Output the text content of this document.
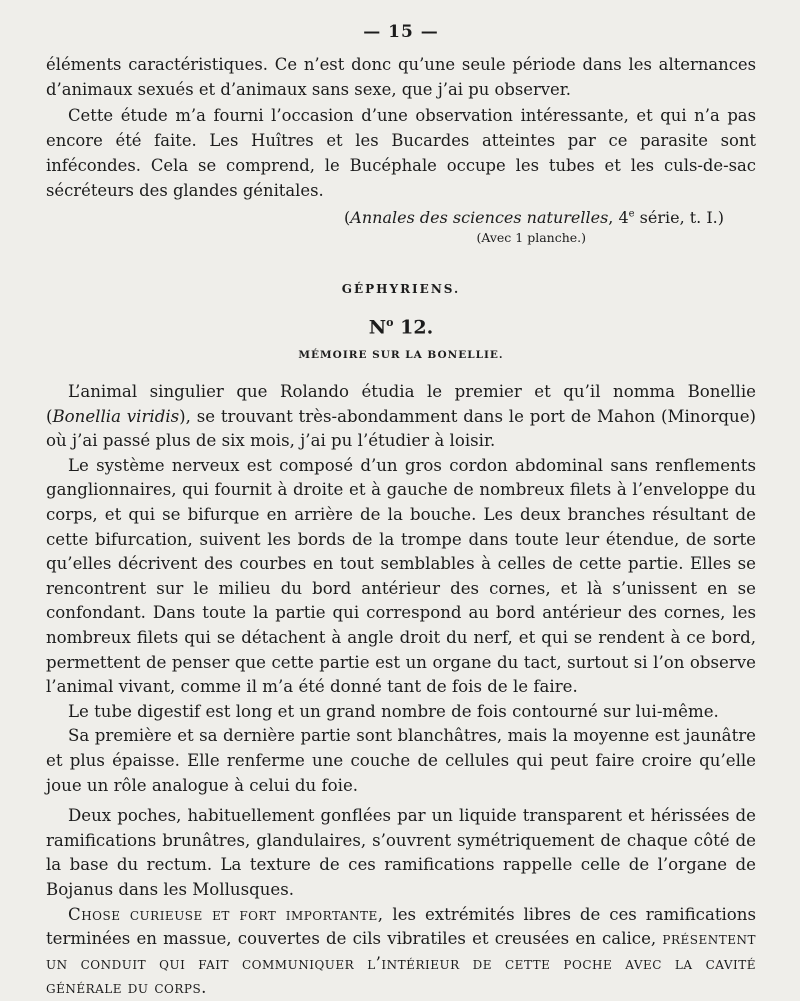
— 15 —

éléments caractéristiques. Ce n’est donc qu’une seule période dans les alternances d’animaux sexués et d’animaux sans sexe, que j’ai pu observer.

Cette étude m’a fourni l’occasion d’une observation intéressante, et qui n’a pas encore été faite. Les Huîtres et les Bucardes atteintes par ce parasite sont infécondes. Cela se comprend, le Bucéphale occupe les tubes et les culs-de-sac sécréteurs des glandes génitales.

(Annales des sciences naturelles, 4e série, t. I.)
(Avec 1 planche.)
GÉPHYRIENS.
$N^o$ 12.
MÉMOIRE SUR LA BONELLIE.

L’animal singulier que Rolando étudia le premier et qu’il nomma Bonellie (Bonellia viridis), se trouvant très-abondamment dans le port de Mahon (Minorque) où j’ai passé plus de six mois, j’ai pu l’étudier à loisir.

Le système nerveux est composé d’un gros cordon abdominal sans renflements ganglionnaires, qui fournit à droite et à gauche de nombreux filets à l’enveloppe du corps, et qui se bifurque en arrière de la bouche. Les deux branches résultant de cette bifurcation, suivent les bords de la trompe dans toute leur étendue, de sorte qu’elles décrivent des courbes en tout semblables à celles de cette partie. Elles se rencontrent sur le milieu du bord antérieur des cornes, et là s’unissent en se confondant. Dans toute la partie qui correspond au bord antérieur des cornes, les nombreux filets qui se détachent à angle droit du nerf, et qui se rendent à ce bord, permettent de penser que cette partie est un organe du tact, surtout si l’on observe l’animal vivant, comme il m’a été donné tant de fois de le faire.

Le tube digestif est long et un grand nombre de fois contourné sur lui-même.

Sa première et sa dernière partie sont blanchâtres, mais la moyenne est jaunâtre et plus épaisse. Elle renferme une couche de cellules qui peut faire croire qu’elle joue un rôle analogue à celui du foie.

Deux poches, habituellement gonflées par un liquide transparent et hérissées de ramifications brunâtres, glandulaires, s’ouvrent symétriquement de chaque côté de la base du rectum. La texture de ces ramifications rappelle celle de l’organe de Bojanus dans les Mollusques.

Chose curieuse et fort importante, les extrémités libres de ces ramifications terminées en massue, couvertes de cils vibratiles et creusées en calice, présentent un conduit qui fait communiquer l’intérieur de cette poche avec la cavité générale du corps.
